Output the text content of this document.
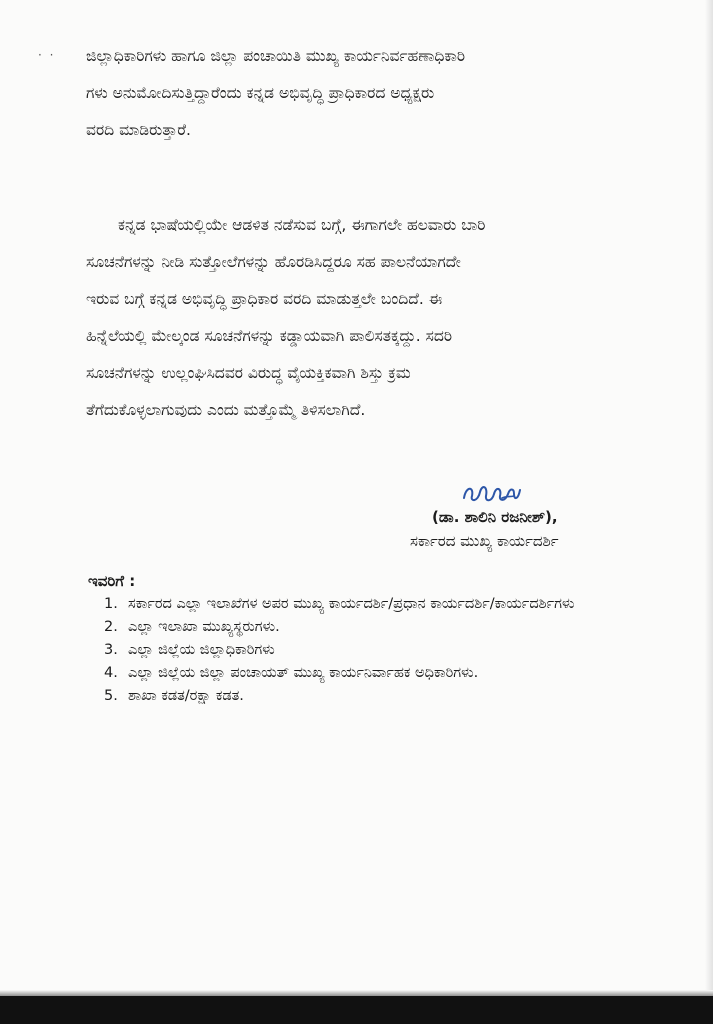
· · ಜಿಲ್ಲಾಧಿಕಾರಿಗಳು ಹಾಗೂ ಜಿಲ್ಲಾ ಪಂಚಾಯಿತಿ ಮುಖ್ಯ ಕಾರ್ಯನಿರ್ವಹಣಾಧಿಕಾರಿ
ಗಳು ಅನುಮೋದಿಸುತ್ತಿದ್ದಾರೆಂದು ಕನ್ನಡ ಅಭಿವೃದ್ಧಿ ಪ್ರಾಧಿಕಾರದ ಅಧ್ಯಕ್ಷರು
ವರದಿ ಮಾಡಿರುತ್ತಾರೆ.

ಕನ್ನಡ ಭಾಷೆಯಲ್ಲಿಯೇ ಆಡಳಿತ ನಡೆಸುವ ಬಗ್ಗೆ, ಈಗಾಗಲೇ ಹಲವಾರು ಬಾರಿ
ಸೂಚನೆಗಳನ್ನು ನೀಡಿ ಸುತ್ತೋಲೆಗಳನ್ನು ಹೊರಡಿಸಿದ್ದರೂ ಸಹ ಪಾಲನೆಯಾಗದೇ
ಇರುವ ಬಗ್ಗೆ ಕನ್ನಡ ಅಭಿವೃದ್ಧಿ ಪ್ರಾಧಿಕಾರ ವರದಿ ಮಾಡುತ್ತಲೇ ಬಂದಿದೆ. ಈ
ಹಿನ್ನೆಲೆಯಲ್ಲಿ ಮೇಲ್ಕಂಡ ಸೂಚನೆಗಳನ್ನು ಕಡ್ಡಾಯವಾಗಿ ಪಾಲಿಸತಕ್ಕದ್ದು. ಸದರಿ
ಸೂಚನೆಗಳನ್ನು ಉಲ್ಲಂಘಿಸಿದವರ ವಿರುದ್ಧ ವೈಯಕ್ತಿಕವಾಗಿ ಶಿಸ್ತು ಕ್ರಮ
ತೆಗೆದುಕೊಳ್ಳಲಾಗುವುದು ಎಂದು ಮತ್ತೊಮ್ಮೆ ತಿಳಿಸಲಾಗಿದೆ.

(ಡಾ. ಶಾಲಿನಿ ರಜನೀಶ್),
ಸರ್ಕಾರದ ಮುಖ್ಯ ಕಾರ್ಯದರ್ಶಿ
ಇವರಿಗೆ :
1. ಸರ್ಕಾರದ ಎಲ್ಲಾ ಇಲಾಖೆಗಳ ಅಪರ ಮುಖ್ಯ ಕಾರ್ಯದರ್ಶಿ/ಪ್ರಧಾನ ಕಾರ್ಯದರ್ಶಿ/ಕಾರ್ಯದರ್ಶಿಗಳು
2. ಎಲ್ಲಾ ಇಲಾಖಾ ಮುಖ್ಯಸ್ಥರುಗಳು.
3. ಎಲ್ಲಾ ಜಿಲ್ಲೆಯ ಜಿಲ್ಲಾಧಿಕಾರಿಗಳು
4. ಎಲ್ಲಾ ಜಿಲ್ಲೆಯ ಜಿಲ್ಲಾ ಪಂಚಾಯತ್ ಮುಖ್ಯ ಕಾರ್ಯನಿರ್ವಾಹಕ ಅಧಿಕಾರಿಗಳು.
5. ಶಾಖಾ ಕಡತ/ರಕ್ಷಾ ಕಡತ.
